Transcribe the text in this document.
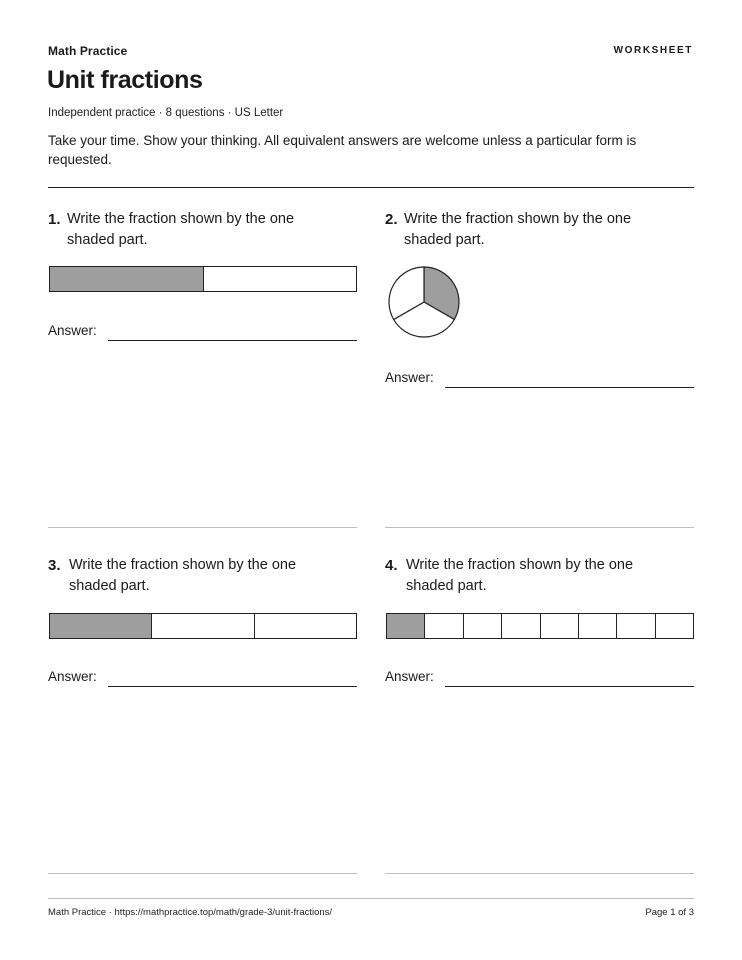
Math Practice	WORKSHEET
Unit fractions
Independent practice · 8 questions · US Letter
Take your time. Show your thinking. All equivalent answers are welcome unless a particular form is requested.
1. Write the fraction shown by the one shaded part.
Answer:
2. Write the fraction shown by the one shaded part.
Answer:
3. Write the fraction shown by the one shaded part.
Answer:
4. Write the fraction shown by the one shaded part.
Answer:
Math Practice · https://mathpractice.top/math/grade-3/unit-fractions/	Page 1 of 3
